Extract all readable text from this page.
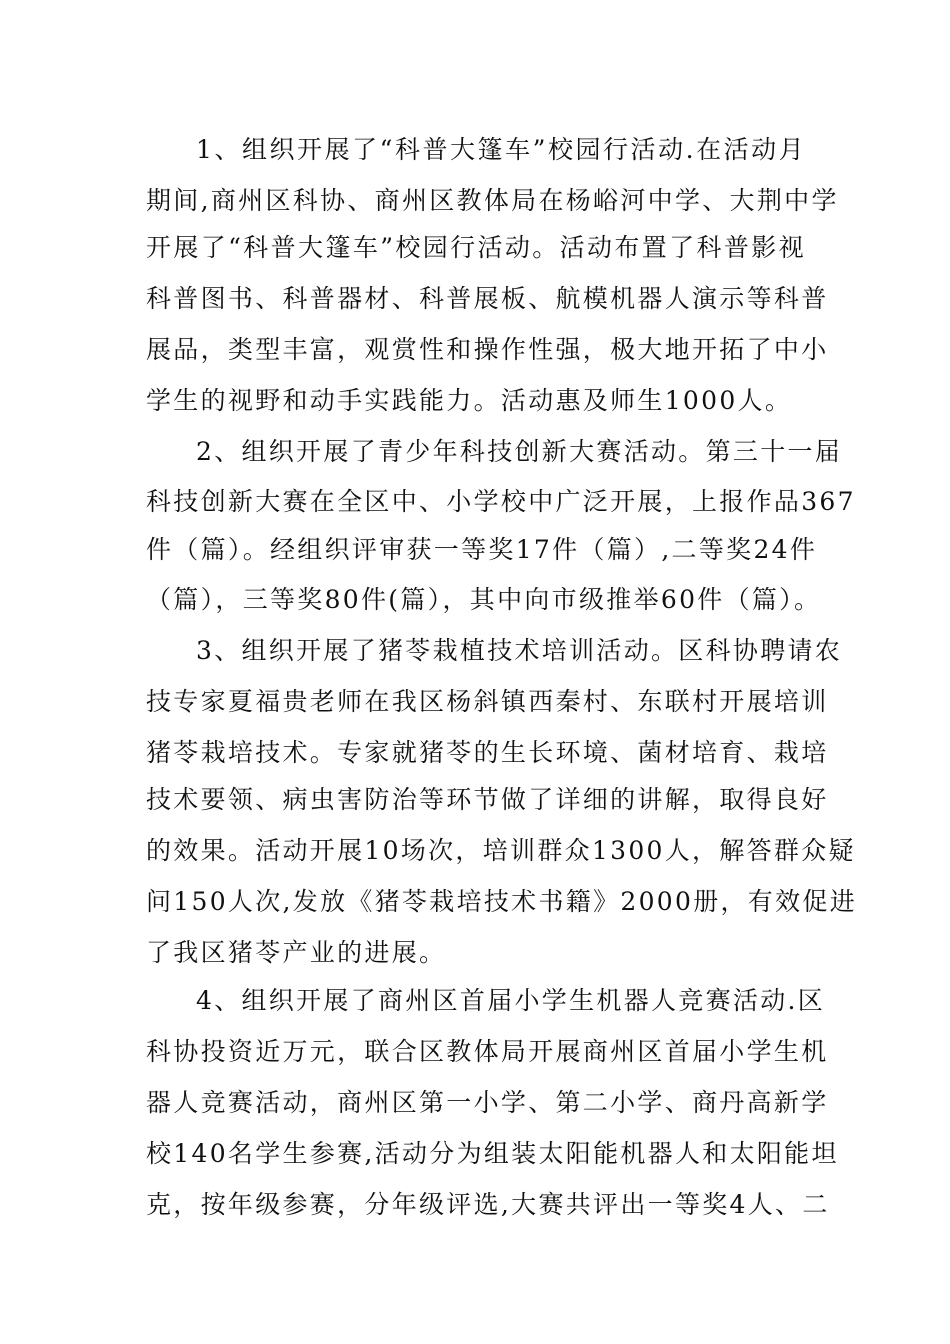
1、组织开展了“科普大篷车”校园行活动.在活动月
期间,商州区科协、商州区教体局在杨峪河中学、大荆中学
开展了“科普大篷车”校园行活动。活动布置了科普影视
科普图书、科普器材、科普展板、航模机器人演示等科普
展品，类型丰富，观赏性和操作性强，极大地开拓了中小
学生的视野和动手实践能力。活动惠及师生1000人。
2、组织开展了青少年科技创新大赛活动。第三十一届
科技创新大赛在全区中、小学校中广泛开展，上报作品367
件（篇）。经组织评审获一等奖17件（篇）,二等奖24件
（篇），三等奖80件(篇），其中向市级推举60件（篇）。
3、组织开展了猪苓栽植技术培训活动。区科协聘请农
技专家夏福贵老师在我区杨斜镇西秦村、东联村开展培训
猪苓栽培技术。专家就猪苓的生长环境、菌材培育、栽培
技术要领、病虫害防治等环节做了详细的讲解，取得良好
的效果。活动开展10场次，培训群众1300人，解答群众疑
问150人次,发放《猪苓栽培技术书籍》2000册，有效促进
了我区猪苓产业的进展。
4、组织开展了商州区首届小学生机器人竞赛活动.区
科协投资近万元，联合区教体局开展商州区首届小学生机
器人竞赛活动，商州区第一小学、第二小学、商丹高新学
校140名学生参赛,活动分为组装太阳能机器人和太阳能坦
克，按年级参赛，分年级评选,大赛共评出一等奖4人、二
